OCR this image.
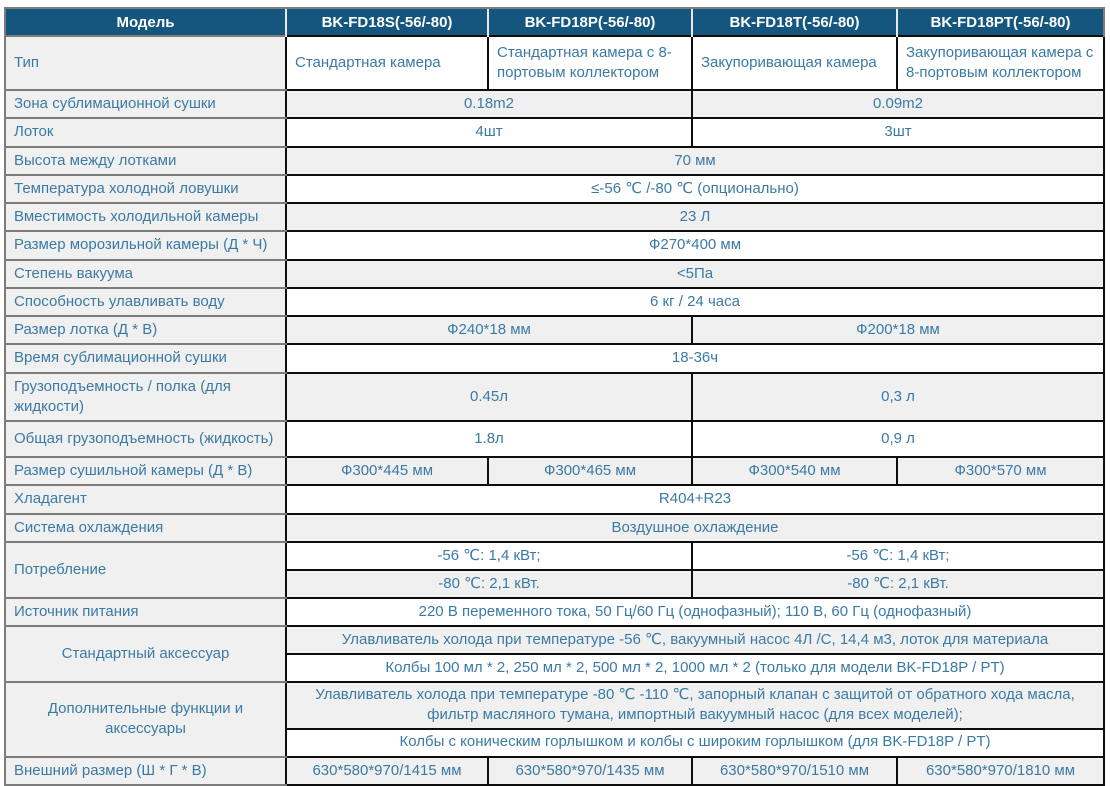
Модель	BK-FD18S(-56/-80)	BK-FD18P(-56/-80)	BK-FD18T(-56/-80)	BK-FD18PT(-56/-80)
Тип	Стандартная камера	Стандартная камера с 8-портовым коллектором	Закупоривающая камера	Закупоривающая камера с 8-портовым коллектором
Зона сублимационной сушки	0.18m2		0.09m2	
Лоток	4шт		3шт	
Высота между лотками	70 мм			
Температура холодной ловушки	≤-56 ℃ /-80 ℃ (опционально)			
Вместимость холодильной камеры	23 Л			
Размер морозильной камеры (Д * Ч)	Ф270*400 мм			
Степень вакуума	<5Па			
Способность улавливать воду	6 кг / 24 часа			
Размер лотка (Д * В)	Ф240*18 мм		Ф200*18 мм	
Время сублимационной сушки	18-36ч			
Грузоподъемность / полка (для жидкости)	0.45л		0,3 л	
Общая грузоподъемность (жидкость)	1.8л		0,9 л	
Размер сушильной камеры (Д * В)	Ф300*445 мм	Ф300*465 мм	Ф300*540 мм	Ф300*570 мм
Хладагент	R404+R23			
Система охлаждения	Воздушное охлаждение			
Потребление	-56 ℃: 1,4 кВт;		-56 ℃: 1,4 кВт;	
	-80 ℃: 2,1 кВт.		-80 ℃: 2,1 кВт.	
Источник питания	220 В переменного тока, 50 Гц/60 Гц (однофазный); 110 В, 60 Гц (однофазный)			
Стандартный аксессуар	Улавливатель холода при температуре -56 ℃, вакуумный насос 4Л /С, 14,4 м3, лоток для материала			
	Колбы 100 мл * 2, 250 мл * 2, 500 мл * 2, 1000 мл * 2 (только для модели BK-FD18P / PT)			
Дополнительные функции и аксессуары	Улавливатель холода при температуре -80 ℃ -110 ℃, запорный клапан с защитой от обратного хода масла, фильтр масляного тумана, импортный вакуумный насос (для всех моделей);			
	Колбы с коническим горлышком и колбы с широким горлышком (для BK-FD18P / PT)			
Внешний размер (Ш * Г * В)	630*580*970/1415 мм	630*580*970/1435 мм	630*580*970/1510 мм	630*580*970/1810 мм
